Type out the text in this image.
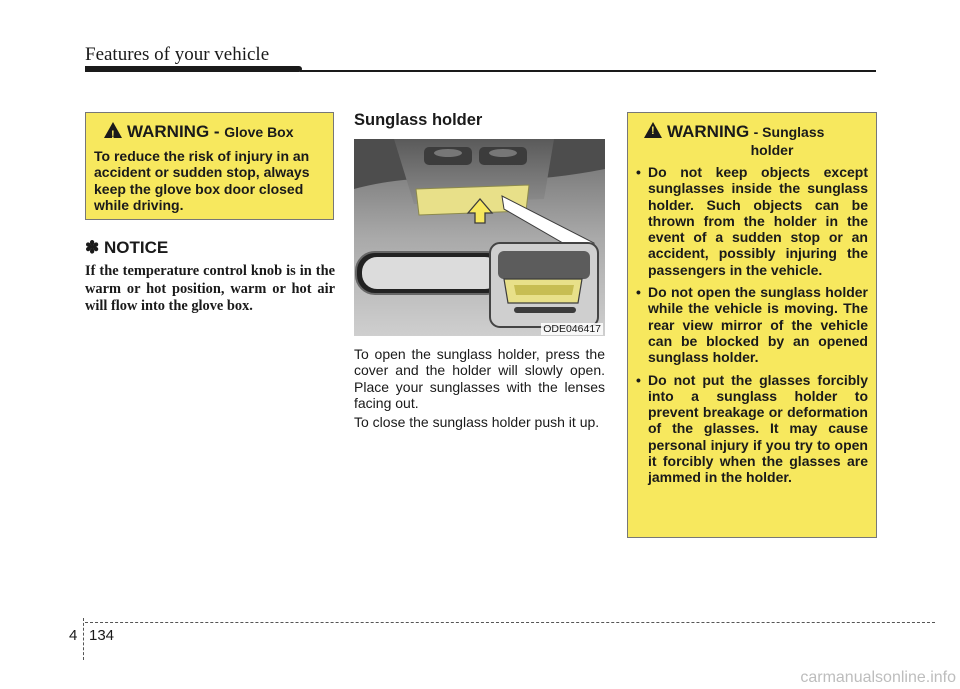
Features of your vehicle
!WARNING - Glove Box
To reduce the risk of injury in an accident or sudden stop, always keep the glove box door closed while driving.
✽ NOTICE
If the temperature control knob is in the warm or hot position, warm or hot air will flow into the glove box.
Sunglass holder
ODE046417
To open the sunglass holder, press the cover and the holder will slowly open. Place your sunglasses with the lenses facing out.
To close the sunglass holder push it up.
!WARNING - Sunglass
holder
• Do not keep objects except sunglasses inside the sunglass holder. Such objects can be thrown from the holder in the event of a sudden stop or an accident, possibly injuring the passengers in the vehicle.
• Do not open the sunglass holder while the vehicle is moving. The rear view mirror of the vehicle can be blocked by an opened sunglass holder.
• Do not put the glasses forcibly into a sunglass holder to prevent breakage or deformation of the glasses. It may cause personal injury if you try to open it forcibly when the glasses are jammed in the holder.
4 134
carmanualsonline.info
